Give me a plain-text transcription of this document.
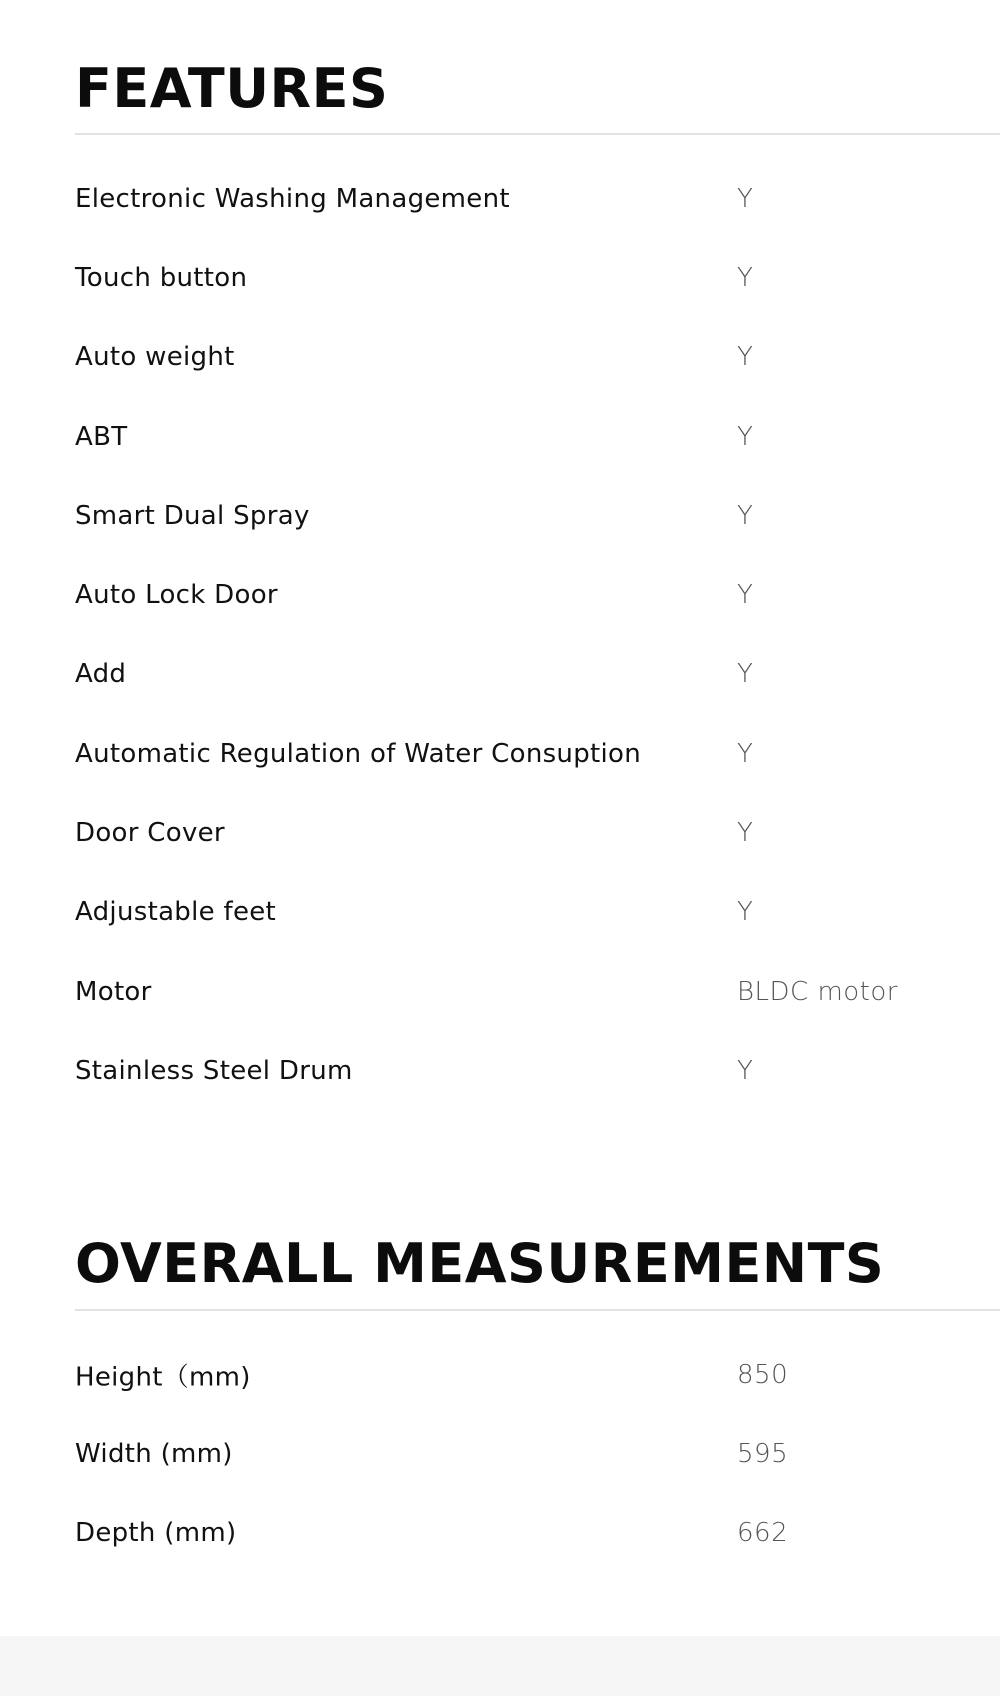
FEATURES
Electronic Washing Management	Y
Touch button	Y
Auto weight	Y
ABT	Y
Smart Dual Spray	Y
Auto Lock Door	Y
Add	Y
Automatic Regulation of Water Consuption	Y
Door Cover	Y
Adjustable feet	Y
Motor	BLDC motor
Stainless Steel Drum	Y
OVERALL MEASUREMENTS
Height（mm)	850
Width (mm)	595
Depth (mm)	662
